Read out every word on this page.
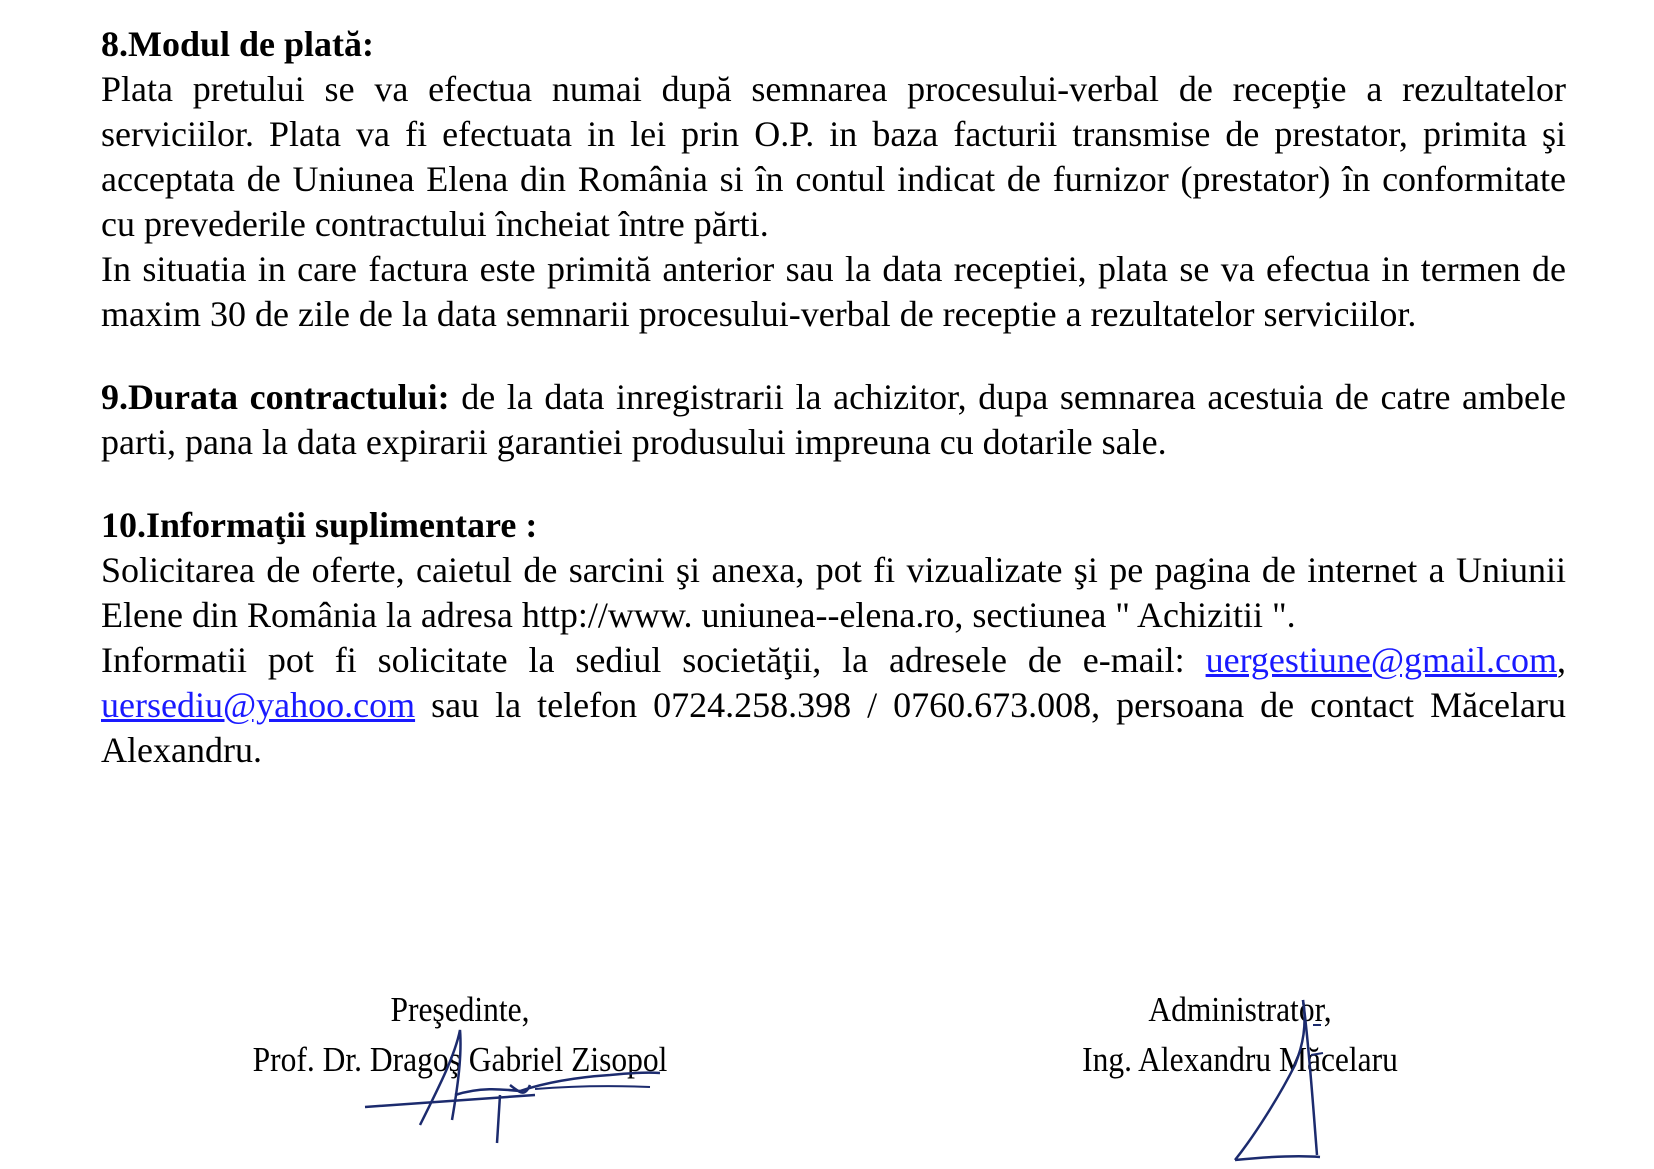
8.Modul de plată:

Plata pretului se va efectua numai după semnarea procesului-verbal de recepţie a rezultatelor serviciilor. Plata va fi efectuata in lei prin O.P. in baza facturii transmise de prestator, primita şi acceptata de Uniunea Elena din România si în contul indicat de furnizor (prestator) în conformitate cu prevederile contractului încheiat între părti.

In situatia in care factura este primită anterior sau la data receptiei, plata se va efectua in termen de maxim 30 de zile de la data semnarii procesului-verbal de receptie a rezultatelor serviciilor.

9.Durata contractului: de la data inregistrarii la achizitor, dupa semnarea acestuia de catre ambele parti, pana la data expirarii garantiei produsului impreuna cu dotarile sale.

10.Informaţii suplimentare :

Solicitarea de oferte, caietul de sarcini şi anexa, pot fi vizualizate şi pe pagina de internet a Uniunii Elene din România la adresa http://www. uniunea--elena.ro, sectiunea " Achizitii ".

Informatii pot fi solicitate la sediul societăţii, la adresele de e-mail: uergestiune@gmail.com, uersediu@yahoo.com sau la telefon 0724.258.398 / 0760.673.008, persoana de contact Măcelaru Alexandru.

Preşedinte,
Prof. Dr. Dragoş Gabriel Zisopol
Administrator,
Ing. Alexandru Măcelaru
